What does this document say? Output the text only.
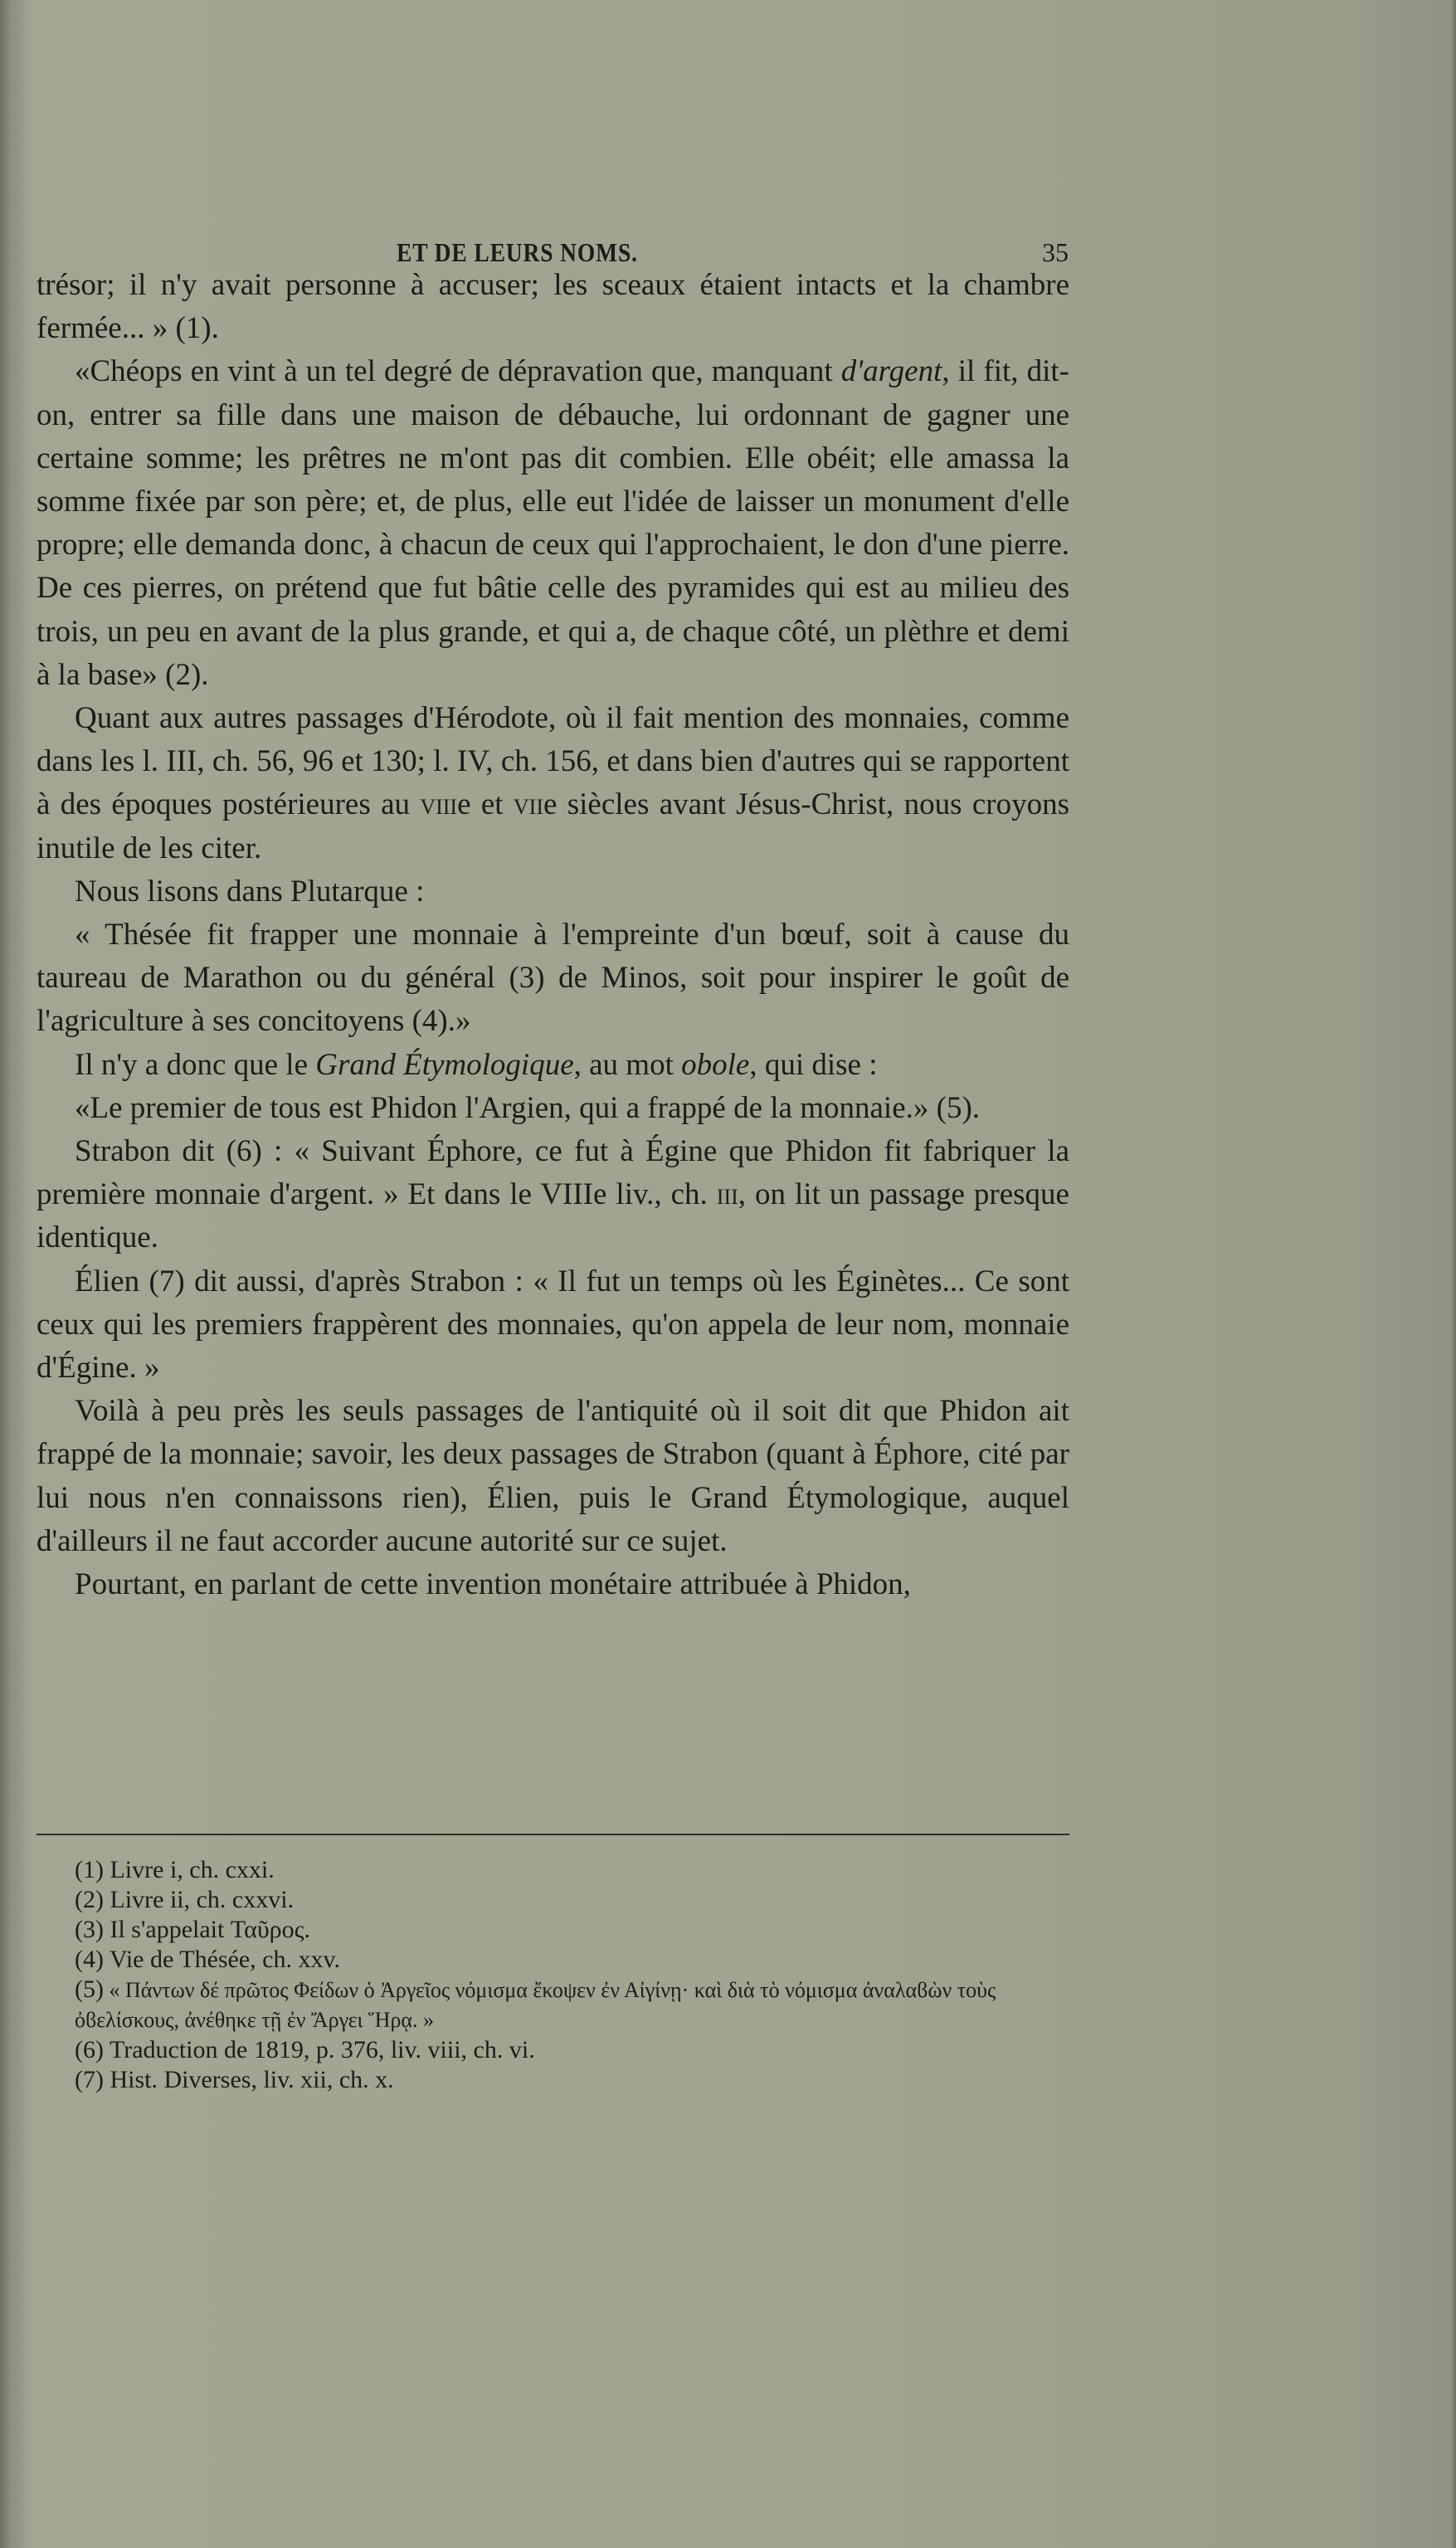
ET DE LEURS NOMS.	35

trésor; il n'y avait personne à accuser; les sceaux étaient intacts et la chambre fermée... » (1).

«Chéops en vint à un tel degré de dépravation que, manquant d'argent, il fit, dit-on, entrer sa fille dans une maison de débauche, lui ordonnant de gagner une certaine somme; les prêtres ne m'ont pas dit combien. Elle obéit; elle amassa la somme fixée par son père; et, de plus, elle eut l'idée de laisser un monument d'elle propre; elle demanda donc, à chacun de ceux qui l'approchaient, le don d'une pierre. De ces pierres, on prétend que fut bâtie celle des pyramides qui est au milieu des trois, un peu en avant de la plus grande, et qui a, de chaque côté, un plèthre et demi à la base» (2).

Quant aux autres passages d'Hérodote, où il fait mention des monnaies, comme dans les l. III, ch. 56, 96 et 130; l. IV, ch. 156, et dans bien d'autres qui se rapportent à des époques postérieures au viiie et viie siècles avant Jésus-Christ, nous croyons inutile de les citer.

Nous lisons dans Plutarque :

« Thésée fit frapper une monnaie à l'empreinte d'un bœuf, soit à cause du taureau de Marathon ou du général (3) de Minos, soit pour inspirer le goût de l'agriculture à ses concitoyens (4).»

Il n'y a donc que le Grand Étymologique, au mot obole, qui dise :

«Le premier de tous est Phidon l'Argien, qui a frappé de la monnaie.» (5).

Strabon dit (6) : « Suivant Éphore, ce fut à Égine que Phidon fit fabriquer la première monnaie d'argent. » Et dans le VIIIe liv., ch. iii, on lit un passage presque identique.

Élien (7) dit aussi, d'après Strabon : « Il fut un temps où les Éginètes... Ce sont ceux qui les premiers frappèrent des monnaies, qu'on appela de leur nom, monnaie d'Égine. »

Voilà à peu près les seuls passages de l'antiquité où il soit dit que Phidon ait frappé de la monnaie; savoir, les deux passages de Strabon (quant à Éphore, cité par lui nous n'en connaissons rien), Élien, puis le Grand Étymologique, auquel d'ailleurs il ne faut accorder aucune autorité sur ce sujet.

Pourtant, en parlant de cette invention monétaire attribuée à Phidon,

(1) Livre i, ch. cxxi.

(2) Livre ii, ch. cxxvi.

(3) Il s'appelait Ταῦρος.

(4) Vie de Thésée, ch. xxv.

(5) « Πάντων δέ πρῶτος Φείδων ὁ Ἀργεῖος νόμισμα ἔκοψεν ἐν Αἰγίνῃ· καὶ διὰ τὸ νόμισμα ἀναλαϐὼν τοὺς ὀϐελίσκους, ἀνέθηκε τῇ ἐν Ἄργει Ἥρᾳ. »

(6) Traduction de 1819, p. 376, liv. viii, ch. vi.

(7) Hist. Diverses, liv. xii, ch. x.
